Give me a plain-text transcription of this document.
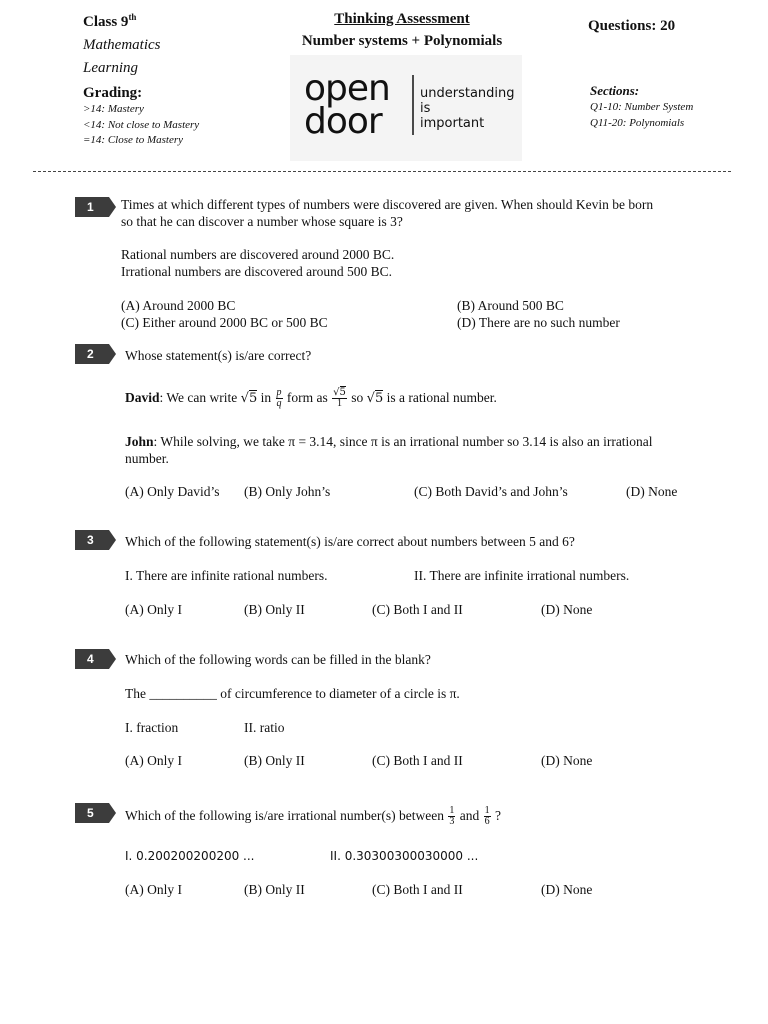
Class 9th
Mathematics
Learning
Grading:
>14: Mastery
<14: Not close to Mastery
=14: Close to Mastery
Thinking Assessment
Number systems + Polynomials
open
door
understanding
is
important
Questions: 20
Sections:
Q1-10: Number System
Q11-20: Polynomials
1	Times at which different types of numbers were discovered are given. When should Kevin be born
so that he can discover a number whose square is 3?
Rational numbers are discovered around 2000 BC.
Irrational numbers are discovered around 500 BC.
(A) Around 2000 BC	(B) Around 500 BC
(C) Either around 2000 BC or 500 BC	(D) There are no such number
2	Whose statement(s) is/are correct?
David: We can write √5 in $\frac{p}{q}$ form as $\frac{√5}{1}$ so √5 is a rational number.
John: While solving, we take π = 3.14, since π is an irrational number so 3.14 is also an irrational
number.
(A) Only David’s (B) Only John’s	(C) Both David’s and John’s	(D) None
3	Which of the following statement(s) is/are correct about numbers between 5 and 6?
I. There are infinite rational numbers.	II. There are infinite irrational numbers.
(A) Only I	(B) Only II	(C) Both I and II	(D) None
4	Which of the following words can be filled in the blank?
The __________ of circumference to diameter of a circle is π.
I. fraction	II. ratio
(A) Only I	(B) Only II	(C) Both I and II	(D) None
5	Which of the following is/are irrational number(s) between $\frac{1}{3}$ and $\frac{1}{6}$ ?
I. 0.200200200200 ...	II. 0.30300300030000 ...
(A) Only I	(B) Only II	(C) Both I and II	(D) None
